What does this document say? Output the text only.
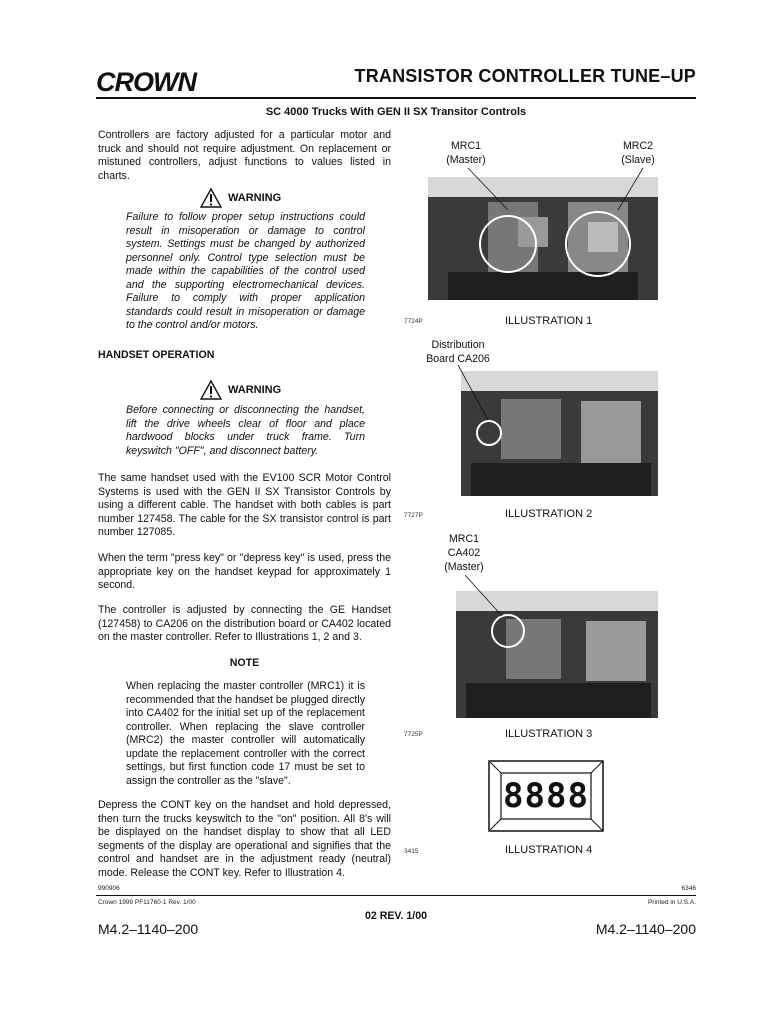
CROWN	TRANSISTOR CONTROLLER TUNE–UP
SC 4000 Trucks With GEN II SX Transitor Controls
Controllers are factory adjusted for a particular motor and truck and should not require adjustment. On replacement or mistuned controllers, adjust functions to values listed in charts.
WARNING
Failure to follow proper setup instructions could result in misoperation or damage to control system. Settings must be changed by authorized personnel only. Control type selection must be made within the capabilities of the control used and the supporting electromechanical devices. Failure to comply with proper application standards could result in misoperation or damage to the control and/or motors.
HANDSET OPERATION
WARNING
Before connecting or disconnecting the handset, lift the drive wheels clear of floor and place hardwood blocks under truck frame. Turn keyswitch "OFF", and disconnect battery.
The same handset used with the EV100 SCR Motor Control Systems is used with the GEN II SX Transistor Controls by using a different cable. The handset with both cables is part number 127458. The cable for the SX transistor control is part number 127085.
When the term "press key" or "depress key" is used, press the appropriate key on the handset keypad for approximately 1 second.
The controller is adjusted by connecting the GE Handset (127458) to CA206 on the distribution board or CA402 located on the master controller. Refer to Illustrations 1, 2 and 3.
NOTE
When replacing the master controller (MRC1) it is recommended that the handset be plugged directly into CA402 for the initial set up of the replacement controller. When replacing the slave controller (MRC2) the master controller will automatically update the replacement controller with the correct settings, but first function code 17 must be set to assign the controller as the "slave".
Depress the CONT key on the handset and hold depressed, then turn the trucks keyswitch to the "on" position. All 8's will be displayed on the handset display to show that all LED segments of the display are operational and signifies that the control and handset are in the adjustment ready (neutral) mode. Release the CONT key. Refer to Illustration 4.
MRC1
(Master)
MRC2
(Slave)
7724P	ILLUSTRATION 1
Distribution
Board CA206
7727P	ILLUSTRATION 2
MRC1
CA402
(Master)
7725P	ILLUSTRATION 3
8888
3415	ILLUSTRATION 4
990906	6346
Crown 1999 PF11760-1 Rev. 1/00	Printed in U.S.A.
02 REV. 1/00
M4.2–1140–200	M4.2–1140–200
